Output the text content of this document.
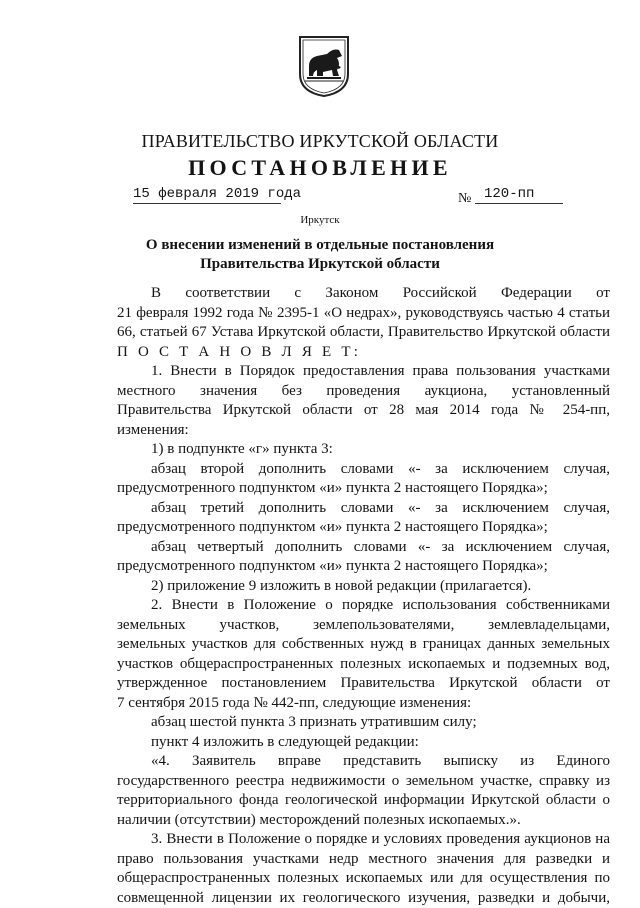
ПРАВИТЕЛЬСТВО ИРКУТСКОЙ ОБЛАСТИ
ПОСТАНОВЛЕНИЕ
15 февраля 2019 года	№ 120-пп
Иркутск
О внесении изменений в отдельные постановления
Правительства Иркутской области
В соответствии с Законом Российской Федерации от
21 февраля 1992 года № 2395-1 «О недрах», руководствуясь частью 4 статьи
66, статьей 67 Устава Иркутской области, Правительство Иркутской области
П О С Т А Н О В Л Я Е Т:
1. Внести в Порядок предоставления права пользования участками
местного значения без проведения аукциона, установленный
Правительства Иркутской области от 28 мая 2014 года № 254-пп,
изменения:
1) в подпункте «г» пункта 3:
абзац второй дополнить словами «- за исключением случая,
предусмотренного подпунктом «и» пункта 2 настоящего Порядка»;
абзац третий дополнить словами «- за исключением случая,
предусмотренного подпунктом «и» пункта 2 настоящего Порядка»;
абзац четвертый дополнить словами «- за исключением случая,
предусмотренного подпунктом «и» пункта 2 настоящего Порядка»;
2) приложение 9 изложить в новой редакции (прилагается).
2. Внести в Положение о порядке использования собственниками
земельных участков, землепользователями, землевладельцами,
земельных участков для собственных нужд в границах данных земельных
участков общераспространенных полезных ископаемых и подземных вод,
утвержденное постановлением Правительства Иркутской области от
7 сентября 2015 года № 442-пп, следующие изменения:
абзац шестой пункта 3 признать утратившим силу;
пункт 4 изложить в следующей редакции:
«4. Заявитель вправе представить выписку из Единого
государственного реестра недвижимости о земельном участке, справку из
территориального фонда геологической информации Иркутской области о
наличии (отсутствии) месторождений полезных ископаемых.».
3. Внести в Положение о порядке и условиях проведения аукционов на
право пользования участками недр местного значения для разведки и
общераспространенных полезных ископаемых или для осуществления по
совмещенной лицензии их геологического изучения, разведки и добычи,
